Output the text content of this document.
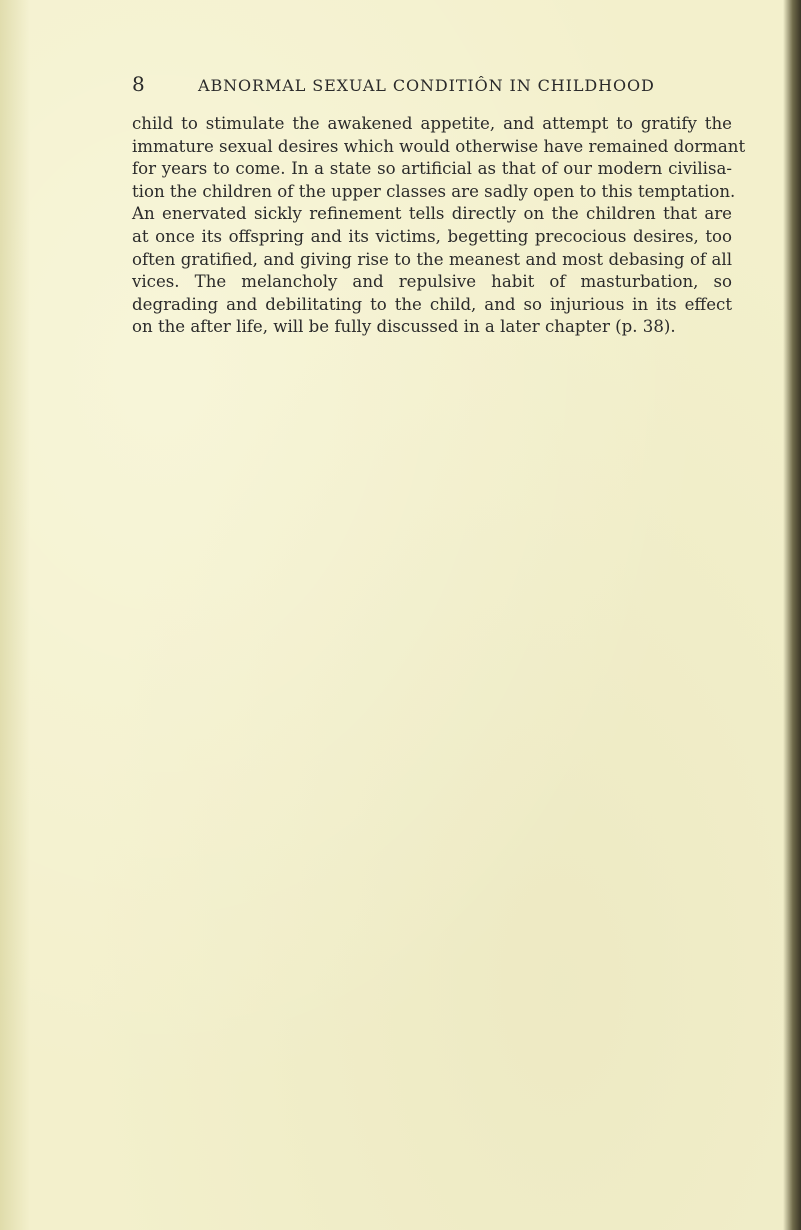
8	ABNORMAL SEXUAL CONDITIÔN IN CHILDHOOD
child to stimulate the awakened appetite, and attempt to gratify the
immature sexual desires which would otherwise have remained dormant
for years to come. In a state so artificial as that of our modern civilisa-
tion the children of the upper classes are sadly open to this temptation.
An enervated sickly refinement tells directly on the children that are
at once its offspring and its victims, begetting precocious desires, too
often gratified, and giving rise to the meanest and most debasing of all
vices. The melancholy and repulsive habit of masturbation, so
degrading and debilitating to the child, and so injurious in its effect
on the after life, will be fully discussed in a later chapter (p. 38).
